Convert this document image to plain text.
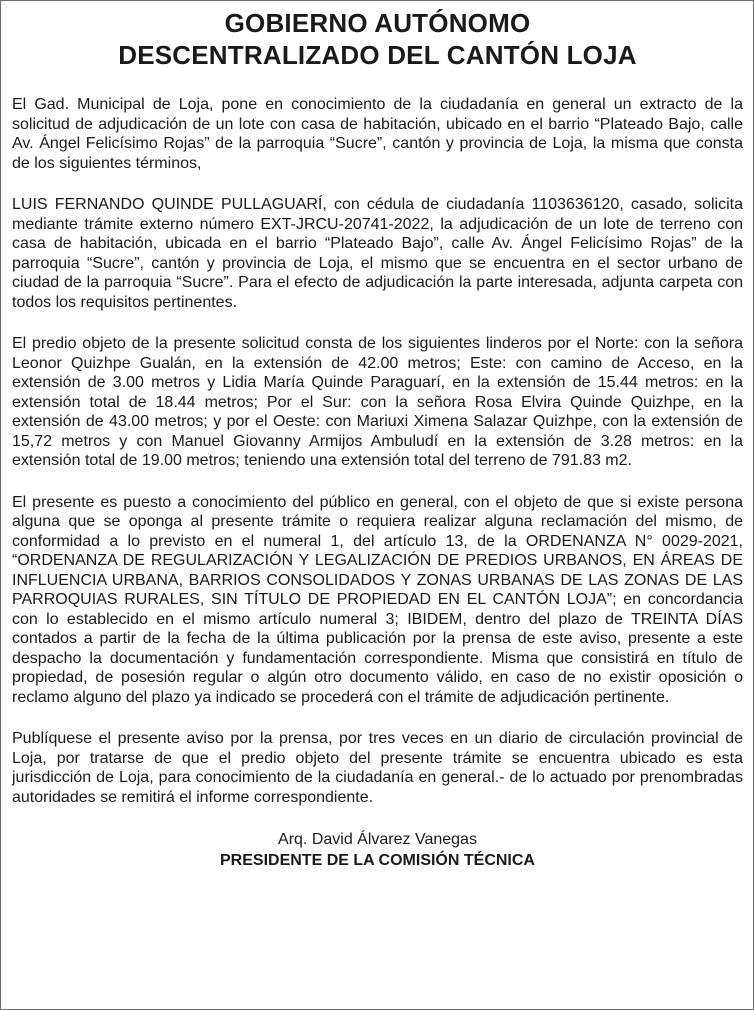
GOBIERNO AUTÓNOMO
DESCENTRALIZADO DEL CANTÓN LOJA

El Gad. Municipal de Loja, pone en conocimiento de la ciudadanía en general un extracto de la solicitud de adjudicación de un lote con casa de habitación, ubicado en el barrio “Plateado Bajo, calle Av. Ángel Felicísimo Rojas” de la parroquia “Sucre”, cantón y provincia de Loja, la misma que consta de los siguientes términos,

LUIS FERNANDO QUINDE PULLAGUARÍ, con cédula de ciudadanía 1103636120, casado, solicita mediante trámite externo número EXT-JRCU-20741-2022, la adjudicación de un lote de terreno con casa de habitación, ubicada en el barrio “Plateado Bajo”, calle Av. Ángel Felicísimo Rojas” de la parroquia “Sucre”, cantón y provincia de Loja, el mismo que se encuentra en el sector urbano de ciudad de la parroquia “Sucre”. Para el efecto de adjudicación la parte interesada, adjunta carpeta con todos los requisitos pertinentes.

El predio objeto de la presente solicitud consta de los siguientes linderos por el Norte: con la señora Leonor Quizhpe Gualán, en la extensión de 42.00 metros; Este: con camino de Acceso, en la extensión de 3.00 metros y Lidia María Quinde Paraguarí, en la extensión de 15.44 metros: en la extensión total de 18.44 metros; Por el Sur: con la señora Rosa Elvira Quinde Quizhpe, en la extensión de 43.00 metros; y por el Oeste: con Mariuxi Ximena Salazar Quizhpe, con la extensión de 15,72 metros y con Manuel Giovanny Armijos Ambuludí en la extensión de 3.28 metros: en la extensión total de 19.00 metros; teniendo una extensión total del terreno de 791.83 m2.

El presente es puesto a conocimiento del público en general, con el objeto de que si existe persona alguna que se oponga al presente trámite o requiera realizar alguna reclamación del mismo, de conformidad a lo previsto en el numeral 1, del artículo 13, de la ORDENANZA N° 0029-2021, “ORDENANZA DE REGULARIZACIÓN Y LEGALIZACIÓN DE PREDIOS URBANOS, EN ÁREAS DE INFLUENCIA URBANA, BARRIOS CONSOLIDADOS Y ZONAS URBANAS DE LAS ZONAS DE LAS PARROQUIAS RURALES, SIN TÍTULO DE PROPIEDAD EN EL CANTÓN LOJA”; en concordancia con lo establecido en el mismo artículo numeral 3; IBIDEM, dentro del plazo de TREINTA DÍAS contados a partir de la fecha de la última publicación por la prensa de este aviso, presente a este despacho la documentación y fundamentación correspondiente. Misma que consistirá en título de propiedad, de posesión regular o algún otro documento válido, en caso de no existir oposición o reclamo alguno del plazo ya indicado se procederá con el trámite de adjudicación pertinente.

Publíquese el presente aviso por la prensa, por tres veces en un diario de circulación provincial de Loja, por tratarse de que el predio objeto del presente trámite se encuentra ubicado es esta jurisdicción de Loja, para conocimiento de la ciudadanía en general.- de lo actuado por prenombradas autoridades se remitirá el informe correspondiente.

Arq. David Álvarez Vanegas
PRESIDENTE DE LA COMISIÓN TÉCNICA
